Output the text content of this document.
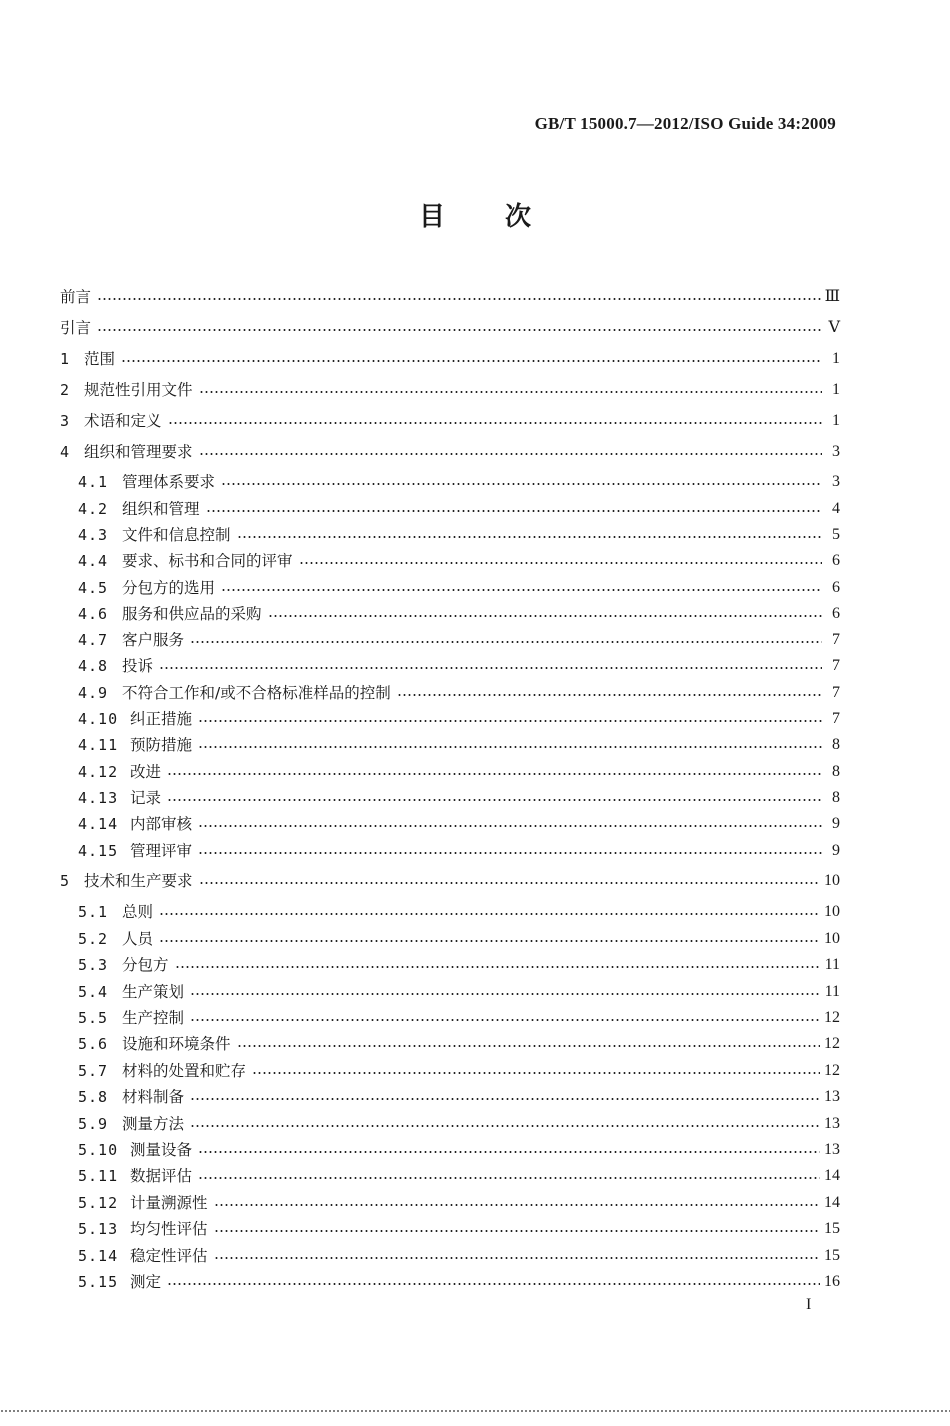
GB/T 15000.7—2012/ISO Guide 34:2009
目次
前言	Ⅲ
引言	Ⅴ
1 范围	1
2 规范性引用文件	1
3 术语和定义	1
4 组织和管理要求	3
4.1 管理体系要求	3
4.2 组织和管理	4
4.3 文件和信息控制	5
4.4 要求、标书和合同的评审	6
4.5 分包方的选用	6
4.6 服务和供应品的采购	6
4.7 客户服务	7
4.8 投诉	7
4.9 不符合工作和/或不合格标准样品的控制	7
4.10 纠正措施	7
4.11 预防措施	8
4.12 改进	8
4.13 记录	8
4.14 内部审核	9
4.15 管理评审	9
5 技术和生产要求	10
5.1 总则	10
5.2 人员	10
5.3 分包方	11
5.4 生产策划	11
5.5 生产控制	12
5.6 设施和环境条件	12
5.7 材料的处置和贮存	12
5.8 材料制备	13
5.9 测量方法	13
5.10 测量设备	13
5.11 数据评估	14
5.12 计量溯源性	14
5.13 均匀性评估	15
5.14 稳定性评估	15
5.15 测定	16
I
